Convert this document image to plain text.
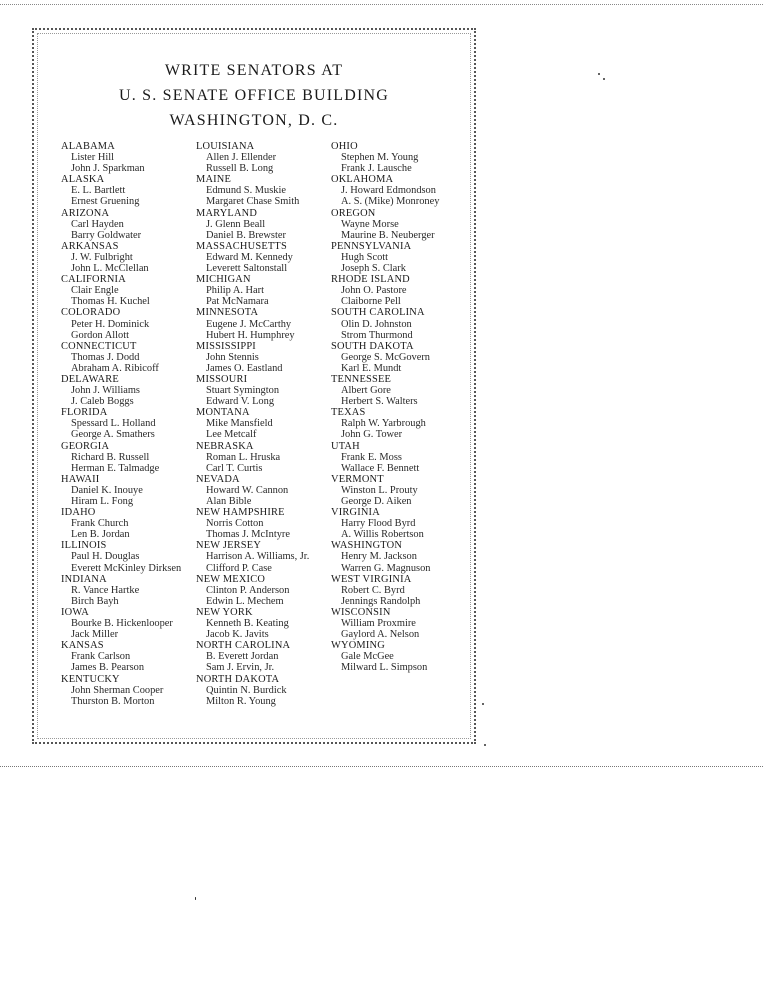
WRITE SENATORS AT
U. S. SENATE OFFICE BUILDING
WASHINGTON, D. C.
ALABAMA
Lister Hill
John J. Sparkman
ALASKA
E. L. Bartlett
Ernest Gruening
ARIZONA
Carl Hayden
Barry Goldwater
ARKANSAS
J. W. Fulbright
John L. McClellan
CALIFORNIA
Clair Engle
Thomas H. Kuchel
COLORADO
Peter H. Dominick
Gordon Allott
CONNECTICUT
Thomas J. Dodd
Abraham A. Ribicoff
DELAWARE
John J. Williams
J. Caleb Boggs
FLORIDA
Spessard L. Holland
George A. Smathers
GEORGIA
Richard B. Russell
Herman E. Talmadge
HAWAII
Daniel K. Inouye
Hiram L. Fong
IDAHO
Frank Church
Len B. Jordan
ILLINOIS
Paul H. Douglas
Everett McKinley Dirksen
INDIANA
R. Vance Hartke
Birch Bayh
IOWA
Bourke B. Hickenlooper
Jack Miller
KANSAS
Frank Carlson
James B. Pearson
KENTUCKY
John Sherman Cooper
Thurston B. Morton
LOUISIANA
Allen J. Ellender
Russell B. Long
MAINE
Edmund S. Muskie
Margaret Chase Smith
MARYLAND
J. Glenn Beall
Daniel B. Brewster
MASSACHUSETTS
Edward M. Kennedy
Leverett Saltonstall
MICHIGAN
Philip A. Hart
Pat McNamara
MINNESOTA
Eugene J. McCarthy
Hubert H. Humphrey
MISSISSIPPI
John Stennis
James O. Eastland
MISSOURI
Stuart Symington
Edward V. Long
MONTANA
Mike Mansfield
Lee Metcalf
NEBRASKA
Roman L. Hruska
Carl T. Curtis
NEVADA
Howard W. Cannon
Alan Bible
NEW HAMPSHIRE
Norris Cotton
Thomas J. McIntyre
NEW JERSEY
Harrison A. Williams, Jr.
Clifford P. Case
NEW MEXICO
Clinton P. Anderson
Edwin L. Mechem
NEW YORK
Kenneth B. Keating
Jacob K. Javits
NORTH CAROLINA
B. Everett Jordan
Sam J. Ervin, Jr.
NORTH DAKOTA
Quintin N. Burdick
Milton R. Young
OHIO
Stephen M. Young
Frank J. Lausche
OKLAHOMA
J. Howard Edmondson
A. S. (Mike) Monroney
OREGON
Wayne Morse
Maurine B. Neuberger
PENNSYLVANIA
Hugh Scott
Joseph S. Clark
RHODE ISLAND
John O. Pastore
Claiborne Pell
SOUTH CAROLINA
Olin D. Johnston
Strom Thurmond
SOUTH DAKOTA
George S. McGovern
Karl E. Mundt
TENNESSEE
Albert Gore
Herbert S. Walters
TEXAS
Ralph W. Yarbrough
John G. Tower
UTAH
Frank E. Moss
Wallace F. Bennett
VERMONT
Winston L. Prouty
George D. Aiken
VIRGINIA
Harry Flood Byrd
A. Willis Robertson
WASHINGTON
Henry M. Jackson
Warren G. Magnuson
WEST VIRGINIA
Robert C. Byrd
Jennings Randolph
WISCONSIN
William Proxmire
Gaylord A. Nelson
WYOMING
Gale McGee
Milward L. Simpson
